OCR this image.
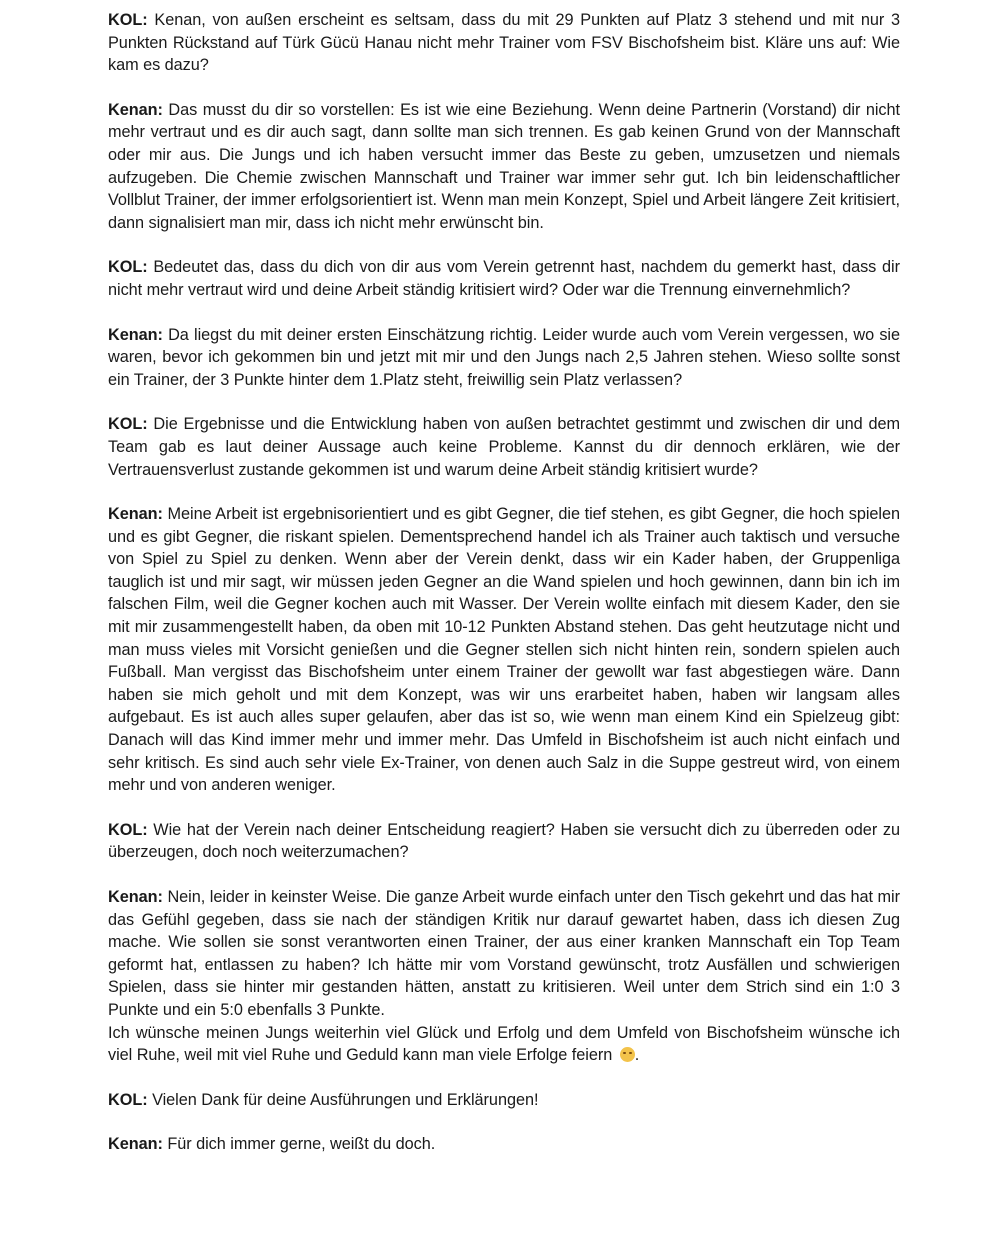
KOL: Kenan, von außen erscheint es seltsam, dass du mit 29 Punkten auf Platz 3 stehend und mit nur 3 Punkten Rückstand auf Türk Gücü Hanau nicht mehr Trainer vom FSV Bischofsheim bist. Kläre uns auf: Wie kam es dazu?

Kenan: Das musst du dir so vorstellen: Es ist wie eine Beziehung. Wenn deine Partnerin (Vorstand) dir nicht mehr vertraut und es dir auch sagt, dann sollte man sich trennen. Es gab keinen Grund von der Mannschaft oder mir aus. Die Jungs und ich haben versucht immer das Beste zu geben, umzusetzen und niemals aufzugeben. Die Chemie zwischen Mannschaft und Trainer war immer sehr gut. Ich bin leidenschaftlicher Vollblut Trainer, der immer erfolgsorientiert ist. Wenn man mein Konzept, Spiel und Arbeit längere Zeit kritisiert, dann signalisiert man mir, dass ich nicht mehr erwünscht bin.

KOL: Bedeutet das, dass du dich von dir aus vom Verein getrennt hast, nachdem du gemerkt hast, dass dir nicht mehr vertraut wird und deine Arbeit ständig kritisiert wird? Oder war die Trennung einvernehmlich?

Kenan: Da liegst du mit deiner ersten Einschätzung richtig. Leider wurde auch vom Verein vergessen, wo sie waren, bevor ich gekommen bin und jetzt mit mir und den Jungs nach 2,5 Jahren stehen. Wieso sollte sonst ein Trainer, der 3 Punkte hinter dem 1.Platz steht, freiwillig sein Platz verlassen?

KOL: Die Ergebnisse und die Entwicklung haben von außen betrachtet gestimmt und zwischen dir und dem Team gab es laut deiner Aussage auch keine Probleme. Kannst du dir dennoch erklären, wie der Vertrauensverlust zustande gekommen ist und warum deine Arbeit ständig kritisiert wurde?

Kenan: Meine Arbeit ist ergebnisorientiert und es gibt Gegner, die tief stehen, es gibt Gegner, die hoch spielen und es gibt Gegner, die riskant spielen. Dementsprechend handel ich als Trainer auch taktisch und versuche von Spiel zu Spiel zu denken. Wenn aber der Verein denkt, dass wir ein Kader haben, der Gruppenliga tauglich ist und mir sagt, wir müssen jeden Gegner an die Wand spielen und hoch gewinnen, dann bin ich im falschen Film, weil die Gegner kochen auch mit Wasser. Der Verein wollte einfach mit diesem Kader, den sie mit mir zusammengestellt haben, da oben mit 10-12 Punkten Abstand stehen. Das geht heutzutage nicht und man muss vieles mit Vorsicht genießen und die Gegner stellen sich nicht hinten rein, sondern spielen auch Fußball. Man vergisst das Bischofsheim unter einem Trainer der gewollt war fast abgestiegen wäre. Dann haben sie mich geholt und mit dem Konzept, was wir uns erarbeitet haben, haben wir langsam alles aufgebaut. Es ist auch alles super gelaufen, aber das ist so, wie wenn man einem Kind ein Spielzeug gibt: Danach will das Kind immer mehr und immer mehr. Das Umfeld in Bischofsheim ist auch nicht einfach und sehr kritisch. Es sind auch sehr viele Ex-Trainer, von denen auch Salz in die Suppe gestreut wird, von einem mehr und von anderen weniger.

KOL: Wie hat der Verein nach deiner Entscheidung reagiert? Haben sie versucht dich zu überreden oder zu überzeugen, doch noch weiterzumachen?

Kenan: Nein, leider in keinster Weise. Die ganze Arbeit wurde einfach unter den Tisch gekehrt und das hat mir das Gefühl gegeben, dass sie nach der ständigen Kritik nur darauf gewartet haben, dass ich diesen Zug mache. Wie sollen sie sonst verantworten einen Trainer, der aus einer kranken Mannschaft ein Top Team geformt hat, entlassen zu haben? Ich hätte mir vom Vorstand gewünscht, trotz Ausfällen und schwierigen Spielen, dass sie hinter mir gestanden hätten, anstatt zu kritisieren. Weil unter dem Strich sind ein 1:0 3 Punkte und ein 5:0 ebenfalls 3 Punkte.
Ich wünsche meinen Jungs weiterhin viel Glück und Erfolg und dem Umfeld von Bischofsheim wünsche ich viel Ruhe, weil mit viel Ruhe und Geduld kann man viele Erfolge feiern .

KOL: Vielen Dank für deine Ausführungen und Erklärungen!

Kenan: Für dich immer gerne, weißt du doch.
